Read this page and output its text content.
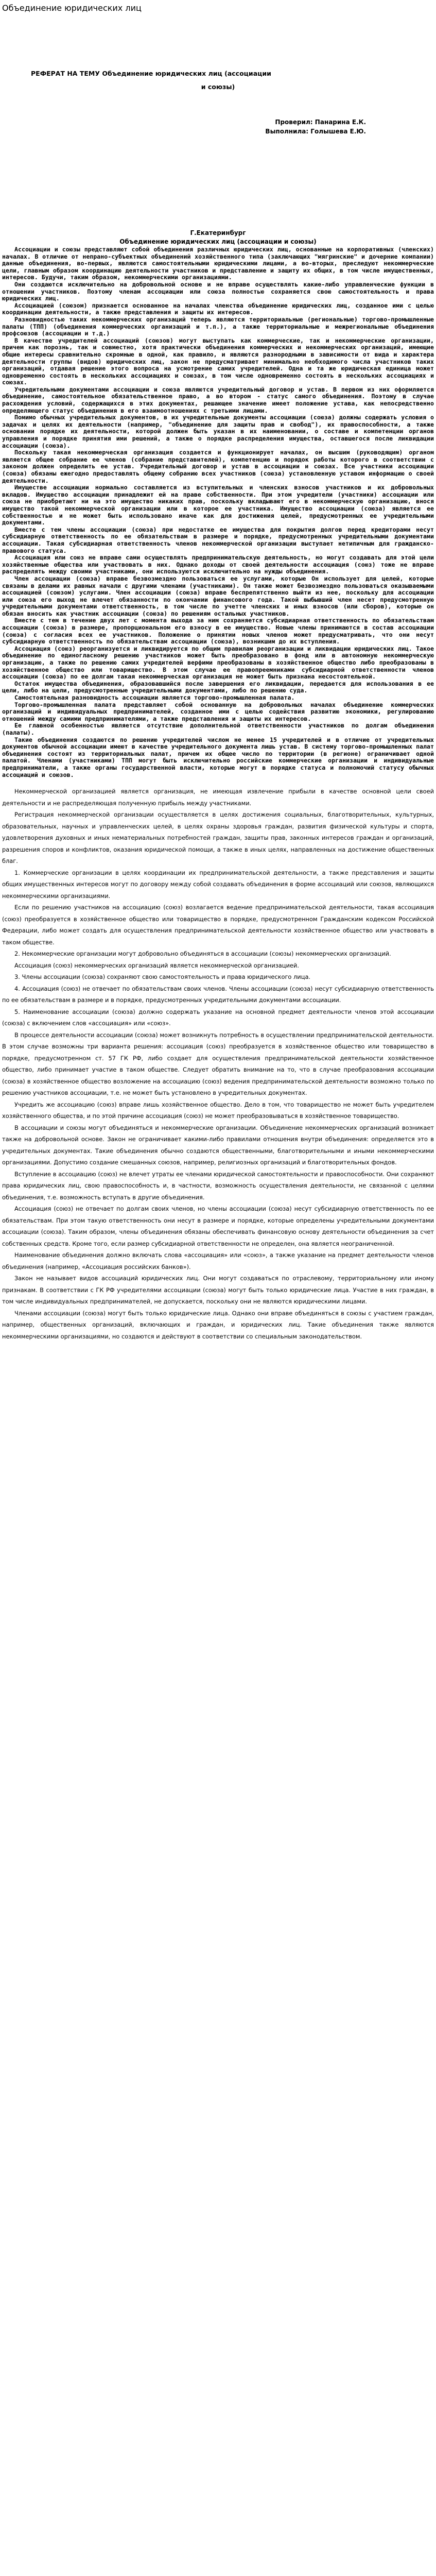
Объединение юридических лиц
РЕФЕРАТ НА ТЕМУ Объединение юридических лиц (ассоциации
и союзы)
Проверил: Панарина Е.К.
Выполнила: Голышева Е.Ю.
Г.Екатеринбург
Объединение юридических лиц (ассоциации и союзы)

Ассоциации и союзы представляют собой объединения различных юридических лиц, основанные на корпоративных (членских) началах. В отличие от непрано-субъектных объединений хозяйственного типа (заключающих "мягринские" и дочерние компании) данные объединения, во-первых, являются самостоятельными юридическими лицами, а во-вторых, преследуют некоммерческие цели, главным образом координацию деятельности участников и представление и защиту их общих, в том числе имущественных, интересов. Будучи, таким образом, некоммерческими организациями.

Они создаются исключительно на добровольной основе и не вправе осуществлять какие-либо управленческие функции в отношении участников. Поэтому членам ассоциации или союза полностью сохраняется свою самостоятельность и права юридических лиц.

Ассоциацией (союзом) признается основанное на началах членства объединение юридических лиц, созданное ими с целью координации деятельности, а также представления и защиты их интересов.

Разновидностью таких некоммерческих организаций теперь являются территориальные (региональные) торгово-промышленные палаты (ТПП) (объединения коммерческих организаций и т.п.), а также территориальные и межрегиональные объединения профсоюзов (ассоциации и т.д.)

В качестве учредителей ассоциаций (союзов) могут выступать как коммерческие, так и некоммерческие организации, причем как порознь, так и совместно, хотя практически объединения коммерческих и некоммерческих организаций, имеющие общие интересы сравнительно скромные в одной, как правило, и являются разнородными в зависимости от вида и характера деятельности группы (видов) юридических лиц, закон не предусматривает минимально необходимого числа участников таких организаций, отдавая решение этого вопроса на усмотрение самих учредителей. Одна и та же юридическая единица может одновременно состоять в нескольких ассоциациях и союзах, в том числе одновременно состоять в нескольких ассоциациях и союзах.

Учредительными документами ассоциации и союза являются учредительный договор и устав. В первом из них оформляется объединение, самостоятельное обязательственное право, а во втором - статус самого объединения. Поэтому в случае расхождения условий, содержащихся в этих документах, решающее значение имеет положение устава, как непосредственно определяющего статус объединения в его взаимоотношениях с третьими лицами.

Помимо обычных учредительных документов, в их учредительные документы ассоциации (союза) должны содержать условия о задачах и целях их деятельности (например, "объединение для защиты прав и свобод"), их правоспособности, а также основании порядке их деятельности, которой должен быть указан в их наименовании, о составе и компетенции органов управления и порядке принятия ими решений, а также о порядке распределения имущества, оставшегося после ликвидации ассоциации (союза).

Поскольку такая некоммерческая организация создается и функционирует началах, он высшим (руководящим) органом является общее собрание ее членов (собрание представителей), компетенцию и порядок работы которого в соответствии с законом должен определить ее устав. Учредительный договор и устав в ассоциации и союзах. Все участники ассоциации (союза) обязаны ежегодно предоставлять общему собранию всех участников (союза) установленную уставом информацию о своей деятельности.

Имуществе ассоциации нормально составляется из вступительных и членских взносов участников и их добровольных вкладов. Имущество ассоциации принадлежит ей на праве собственности. При этом учредители (участники) ассоциации или союза не приобретают ни на это имущество никаких прав, поскольку вкладывают его в некоммерческую организацию, внося имущество такой некоммерческой организации или в которое ее участника. Имущество ассоциации (союза) является ее собственностью и не может быть использовано иначе как для достижения целей, предусмотренных ее учредительными документами.

Вместе с тем члены ассоциации (союза) при недостатке ее имущества для покрытия долгов перед кредиторами несут субсидиарную ответственность по ее обязательствам в размере и порядке, предусмотренных учредительными документами ассоциации. Такая субсидиарная ответственность членов некоммерческой организации выступает нетипичным для гражданско-правового статуса.

Ассоциация или союз не вправе сами осуществлять предпринимательскую деятельность, но могут создавать для этой цели хозяйственные общества или участвовать в них. Однако доходы от своей деятельности ассоциация (союз) тоже не вправе распределять между своими участниками, они используются исключительно на нужды объединения.

Член ассоциации (союза) вправе безвозмездно пользоваться ее услугами, которые Он использует для целей, которые связаны в делами их равных начали с другими членами (участниками). Он также может безвозмездно пользоваться оказываемыми ассоциацией (союзом) услугами. Член ассоциации (союза) вправе беспрепятственно выйти из нее, поскольку для ассоциации или союза его выход не влечет обязанности по окончании финансового года. Такой выбывший член несет предусмотренную учредительными документами ответственность, в том числе по учетте членских и иных взносов (или сборов), которые он обязан вносить как участник ассоциации (союза) по решениям остальных участников.

Вместе с тем в течение двух лет с момента выхода за ним сохраняется субсидиарная ответственность по обязательствам ассоциации (союза) в размере, пропорциональном его взносу в ее имущество. Новые члены принимаются в состав ассоциации (союза) с согласия всех ее участников. Положение о принятии новых членов может предусматривать, что они несут субсидиарную ответственность по обязательствам ассоциации (союза), возникшим до их вступления.

Ассоциация (союз) реорганизуется и ликвидируется по общим правилам реорганизации и ликвидации юридических лиц. Такое объединение по единогласному решению участников может быть преобразовано в фонд или в автономную некоммерческую организацию, а также по решению самих учредителей верфими преобразованы в хозяйственное общество либо преобразованы в хозяйственное общество или товарищество. В этом случае ее правопреемниками субсидиарной ответственности членов ассоциации (союза) по ее долгам такая некоммерческая организация не может быть признана несостоятельной.

Остаток имущества объединения, образовавшийся после завершения его ликвидации, передается для использования в ее цели, либо на цели, предусмотренные учредительными документами, либо по решению суда.

Самостоятельная разновидность ассоциации является торгово-промышленная палата.

Торгово-промышленная палата представляет собой основанную на добровольных началах объединение коммерческих организаций и индивидуальных предпринимателей, созданное ими с целью содействия развитию экономики, регулированию отношений между самими предпринимателями, а также представления и защиты их интересов.

Ее главной особенностью является отсутствие дополнительной ответственности участников по долгам объединения (палаты).

Такие объединения создаются по решению учредителей числом не менее 15 учредителей и в отличие от учредительных документов обычной ассоциации имеют в качестве учредительного документа лишь устав. В систему торгово-промышленных палат объединения состоят из территориальных палат, причем их общее число по территории (в регионе) ограничивает одной палатой. Членами (участниками) ТПП могут быть исключительно российские коммерческие организации и индивидуальные предприниматели, а также органы государственной власти, которые могут в порядке статуса и полномочий статусу обычных ассоциаций и союзов.

Некоммерческой организацией является организация, не имеющая извлечение прибыли в качестве основной цели своей деятельности и не распределяющая полученную прибыль между участниками.

Регистрация некоммерческой организации осуществляется в целях достижения социальных, благотворительных, культурных, образовательных, научных и управленческих целей, в целях охраны здоровья граждан, развития физической культуры и спорта, удовлетворения духовных и иных нематериальных потребностей граждан, защиты прав, законных интересов граждан и организаций, разрешения споров и конфликтов, оказания юридической помощи, а также в иных целях, направленных на достижение общественных благ.

1. Коммерческие организации в целях координации их предпринимательской деятельности, а также представления и защиты общих имущественных интересов могут по договору между собой создавать объединения в форме ассоциаций или союзов, являющихся некоммерческими организациями.

Если по решению участников на ассоциацию (союз) возлагается ведение предпринимательской деятельности, такая ассоциация (союз) преобразуется в хозяйственное общество или товарищество в порядке, предусмотренном Гражданским кодексом Российской Федерации, либо может создать для осуществления предпринимательской деятельности хозяйственное общество или участвовать в таком обществе.

2. Некоммерческие организации могут добровольно объединяться в ассоциации (союзы) некоммерческих организаций.

Ассоциация (союз) некоммерческих организаций является некоммерческой организацией.

3. Члены ассоциации (союза) сохраняют свою самостоятельность и права юридического лица.

4. Ассоциация (союз) не отвечает по обязательствам своих членов. Члены ассоциации (союза) несут субсидиарную ответственность по ее обязательствам в размере и в порядке, предусмотренных учредительными документами ассоциации.

5. Наименование ассоциации (союза) должно содержать указание на основной предмет деятельности членов этой ассоциации (союза) с включением слов «ассоциация» или «союз».

В процессе деятельности ассоциации (союза) может возникнуть потребность в осуществлении предпринимательской деятельности. В этом случае возможны три варианта решения: ассоциация (союз) преобразуется в хозяйственное общество или товарищество в порядке, предусмотренном ст. 57 ГК РФ, либо создает для осуществления предпринимательской деятельности хозяйственное общество, либо принимает участие в таком обществе. Следует обратить внимание на то, что в случае преобразования ассоциации (союза) в хозяйственное общество возложение на ассоциацию (союз) ведения предпринимательской деятельности возможно только по решению участников ассоциации, т.е. не может быть установлено в учредительных документах.

Учредить же ассоциацию (союз) вправе лишь хозяйственное общество. Дело в том, что товарищество не может быть учредителем хозяйственного общества, и по этой причине ассоциация (союз) не может преобразовываться в хозяйственное товарищество.

В ассоциации и союзы могут объединяться и некоммерческие организации. Объединение некоммерческих организаций возникает также на добровольной основе. Закон не ограничивает какими-либо правилами отношения внутри объединения: определяется это в учредительных документах. Такие объединения обычно создаются общественными, благотворительными и иными некоммерческими организациями. Допустимо создание смешанных союзов, например, религиозных организаций и благотворительных фондов.

Вступление в ассоциацию (союз) не влечет утраты ее членами юридической самостоятельности и правоспособности. Они сохраняют права юридических лиц, свою правоспособность и, в частности, возможность осуществления деятельности, не связанной с целями объединения, т.е. возможность вступать в другие объединения.

Ассоциация (союз) не отвечает по долгам своих членов, но члены ассоциации (союза) несут субсидиарную ответственность по ее обязательствам. При этом такую ответственность они несут в размере и порядке, которые определены учредительными документами ассоциации (союза). Таким образом, члены объединения обязаны обеспечивать финансовую основу деятельности объединения за счет собственных средств. Кроме того, если размер субсидиарной ответственности не определен, она является неограниченной.

Наименование объединения должно включать слова «ассоциация» или «союз», а также указание на предмет деятельности членов объединения (например, «Ассоциация российских банков»).

Закон не называет видов ассоциаций юридических лиц. Они могут создаваться по отраслевому, территориальному или иному признакам. В соответствии с ГК РФ учредителями ассоциации (союза) могут быть только юридические лица. Участие в них граждан, в том числе индивидуальных предпринимателей, не допускается, поскольку они не являются юридическими лицами.

Членами ассоциации (союза) могут быть только юридические лица. Однако они вправе объединяться в союзы с участием граждан, например, общественных организаций, включающих и граждан, и юридических лиц. Такие объединения также являются некоммерческими организациями, но создаются и действуют в соответствии со специальным законодательством.
